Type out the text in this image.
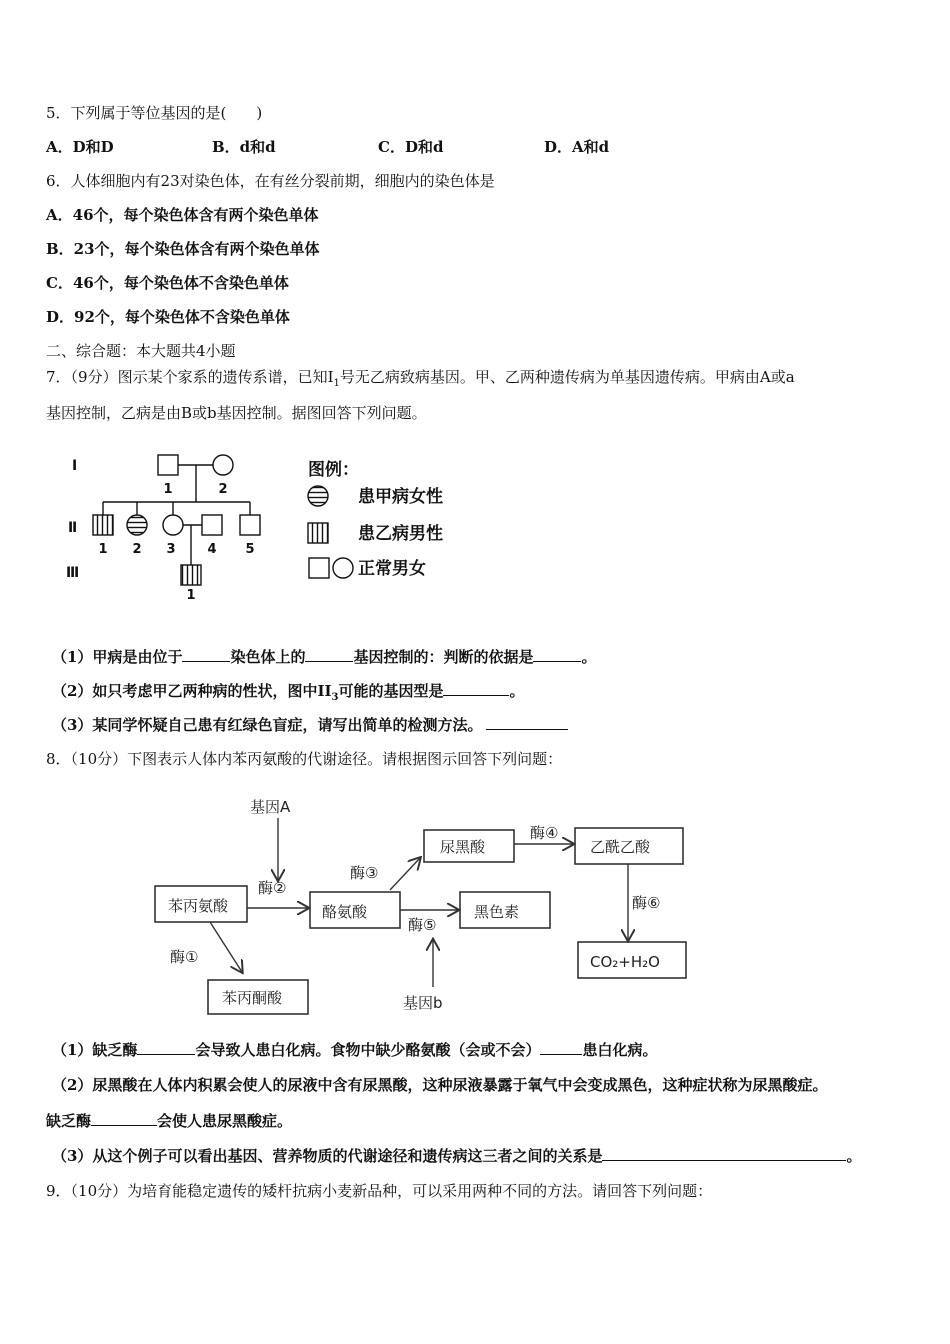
5．下列属于等位基因的是(　　)
A．D和D	B．d和d	C．D和d	D．A和d
6．人体细胞内有23对染色体，在有丝分裂前期，细胞内的染色体是
A．46个，每个染色体含有两个染色单体
B．23个，每个染色体含有两个染色单体
C．46个，每个染色体不含染色单体
D．92个，每个染色体不含染色单体
二、综合题：本大题共4小题
7．（9分）图示某个家系的遗传系谱，已知$Ⅰ_1$号无乙病致病基因。甲、乙两种遗传病为单基因遗传病。甲病由A或a
基因控制，乙病是由B或b基因控制。据图回答下列问题。
Ⅰ
Ⅱ
Ⅲ
1	2
1 2 3 4 5
1
图例：
患甲病女性
患乙病男性
正常男女
（1）甲病是由位于	染色体上的	基因控制的：判断的依据是	。
（2）如只考虑甲乙两种病的性状，图中$II_3$可能的基因型是	。
（3）某同学怀疑自己患有红绿色盲症，请写出简单的检测方法。
8．（10分）下图表示人体内苯丙氨酸的代谢途径。请根据图示回答下列问题：
基因A
基因b
苯丙氨酸	酪氨酸
尿黑酸	乙酰乙酸
黑色素
CO₂+H₂O
苯丙酮酸
酶①
酶②
酶③
酶④
酶⑤
酶⑥
（1）缺乏酶	会导致人患白化病。食物中缺少酪氨酸（会或不会）	患白化病。
（2）尿黑酸在人体内积累会使人的尿液中含有尿黑酸，这种尿液暴露于氧气中会变成黑色，这种症状称为尿黑酸症。
缺乏酶	会使人患尿黑酸症。
（3）从这个例子可以看出基因、营养物质的代谢途径和遗传病这三者之间的关系是	。
9．（10分）为培育能稳定遗传的矮杆抗病小麦新品种，可以采用两种不同的方法。请回答下列问题：
